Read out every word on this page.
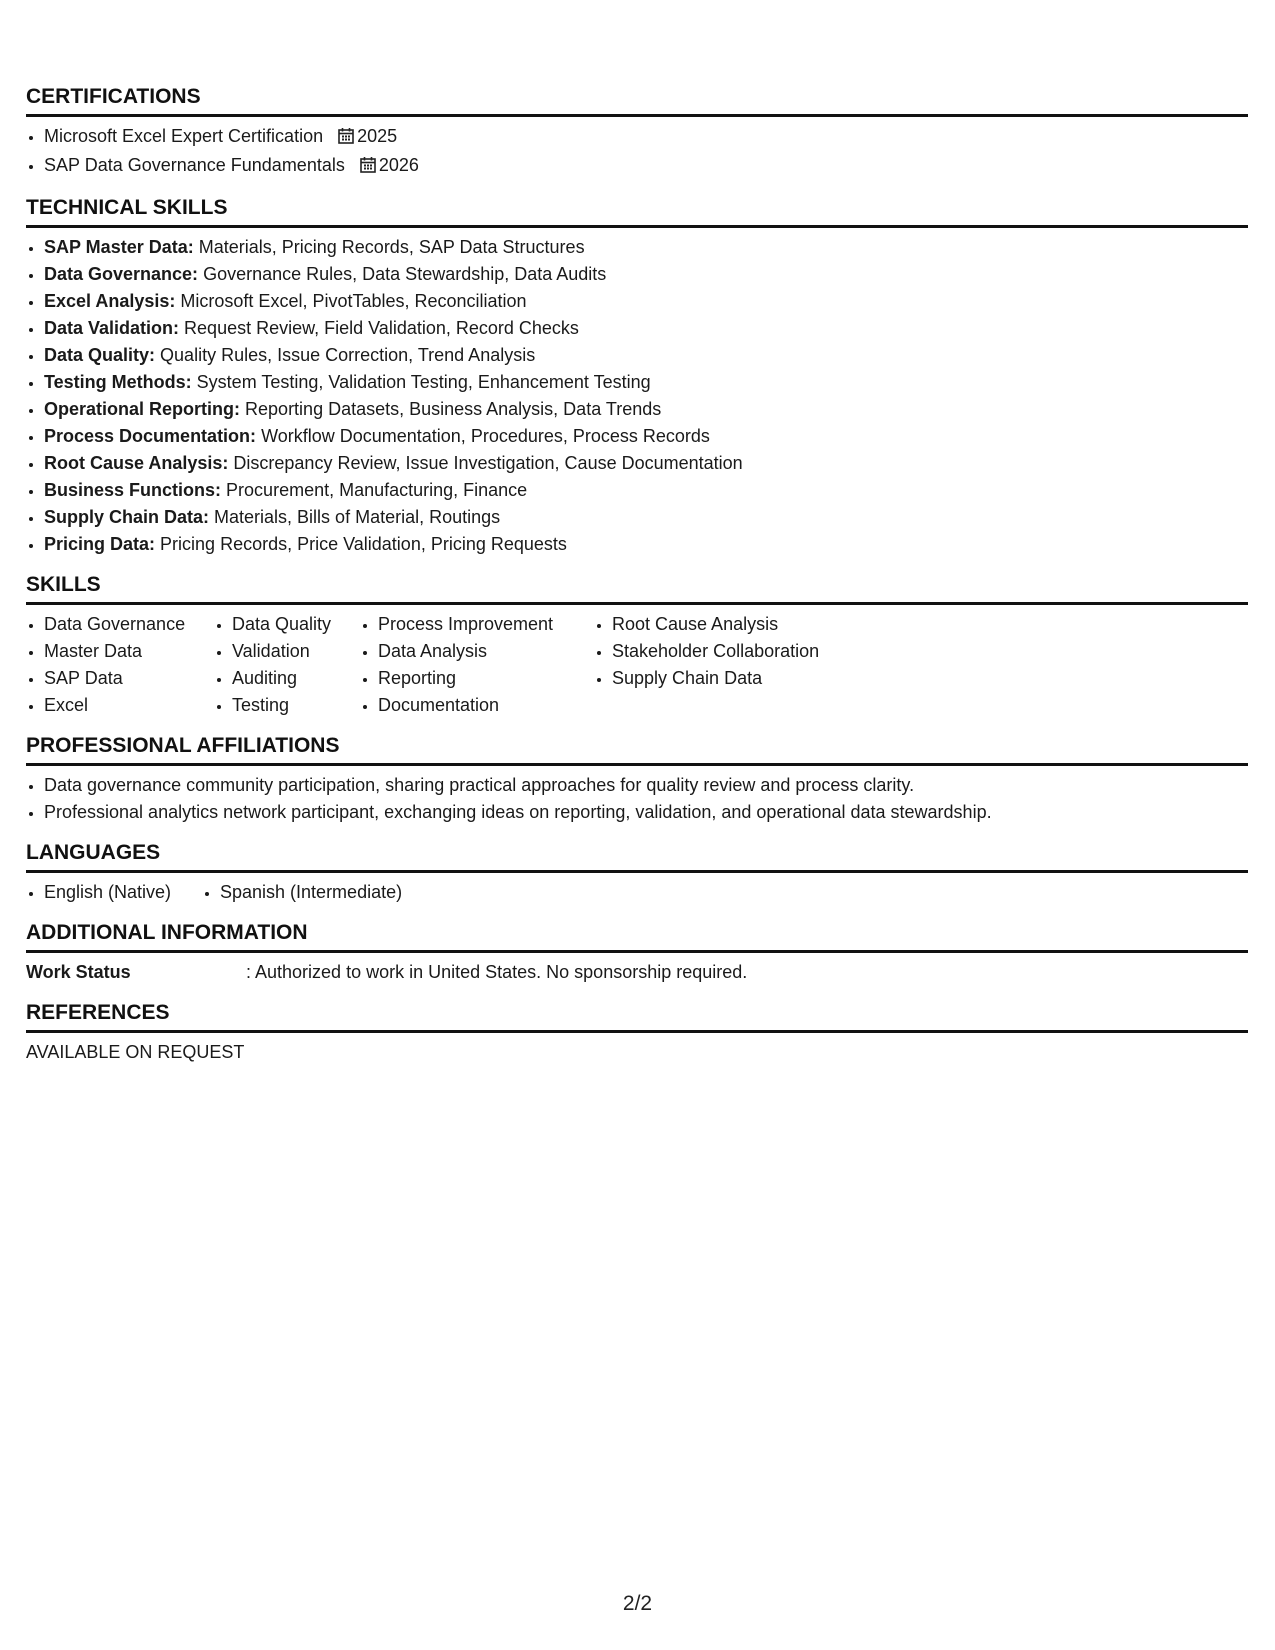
CERTIFICATIONS
• Microsoft Excel Expert Certification 2025
• SAP Data Governance Fundamentals 2026
TECHNICAL SKILLS
• SAP Master Data: Materials, Pricing Records, SAP Data Structures
• Data Governance: Governance Rules, Data Stewardship, Data Audits
• Excel Analysis: Microsoft Excel, PivotTables, Reconciliation
• Data Validation: Request Review, Field Validation, Record Checks
• Data Quality: Quality Rules, Issue Correction, Trend Analysis
• Testing Methods: System Testing, Validation Testing, Enhancement Testing
• Operational Reporting: Reporting Datasets, Business Analysis, Data Trends
• Process Documentation: Workflow Documentation, Procedures, Process Records
• Root Cause Analysis: Discrepancy Review, Issue Investigation, Cause Documentation
• Business Functions: Procurement, Manufacturing, Finance
• Supply Chain Data: Materials, Bills of Material, Routings
• Pricing Data: Pricing Records, Price Validation, Pricing Requests
SKILLS
• Data Governance
• Master Data
• SAP Data
• Excel
• Data Quality
• Validation
• Auditing
• Testing
• Process Improvement
• Data Analysis
• Reporting
• Documentation
• Root Cause Analysis
• Stakeholder Collaboration
• Supply Chain Data
PROFESSIONAL AFFILIATIONS
• Data governance community participation, sharing practical approaches for quality review and process clarity.
• Professional analytics network participant, exchanging ideas on reporting, validation, and operational data stewardship.
LANGUAGES
• English (Native)
•	Spanish (Intermediate)
ADDITIONAL INFORMATION
Work Status	: Authorized to work in United States. No sponsorship required.
REFERENCES
AVAILABLE ON REQUEST
2/2
